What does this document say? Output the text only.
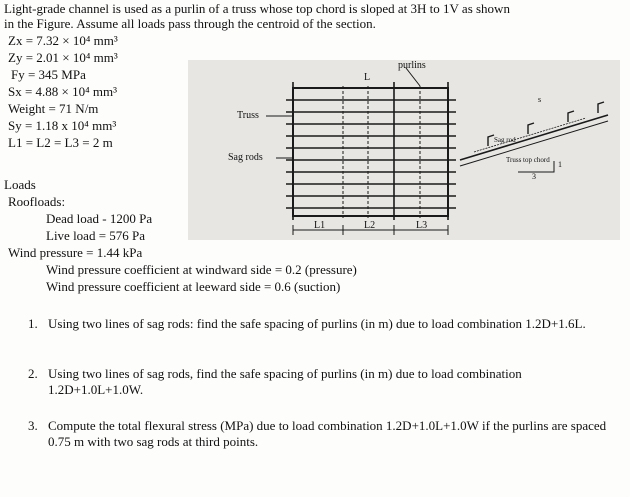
Light-grade channel is used as a purlin of a truss whose top chord is sloped at 3H to 1V as shown
in the Figure. Assume all loads pass through the centroid of the section.
Zx = 7.32 × 10⁴ mm³
Zy = 2.01 × 10⁴ mm³
Fy = 345 MPa
Sx = 4.88 × 10⁴ mm³
Weight = 71 N/m
Sy = 1.18 x 10⁴ mm³
L1 = L2 = L3 = 2 m
purlins
L
Truss
Sag rods
L1	L2	L3
Sag rod
Truss top chord
s
3
1
Loads
Roofloads:
Dead load - 1200 Pa
Live load = 576 Pa
Wind pressure = 1.44 kPa
Wind pressure coefficient at windward side = 0.2 (pressure)
Wind pressure coefficient at leeward side = 0.6 (suction)
1. Using two lines of sag rods: find the safe spacing of purlins (in m) due to load combination 1.2D+1.6L.
2. Using two lines of sag rods, find the safe spacing of purlins (in m) due to load combination 1.2D+1.0L+1.0W.
3. Compute the total flexural stress (MPa) due to load combination 1.2D+1.0L+1.0W if the purlins are spaced 0.75 m with two sag rods at third points.
